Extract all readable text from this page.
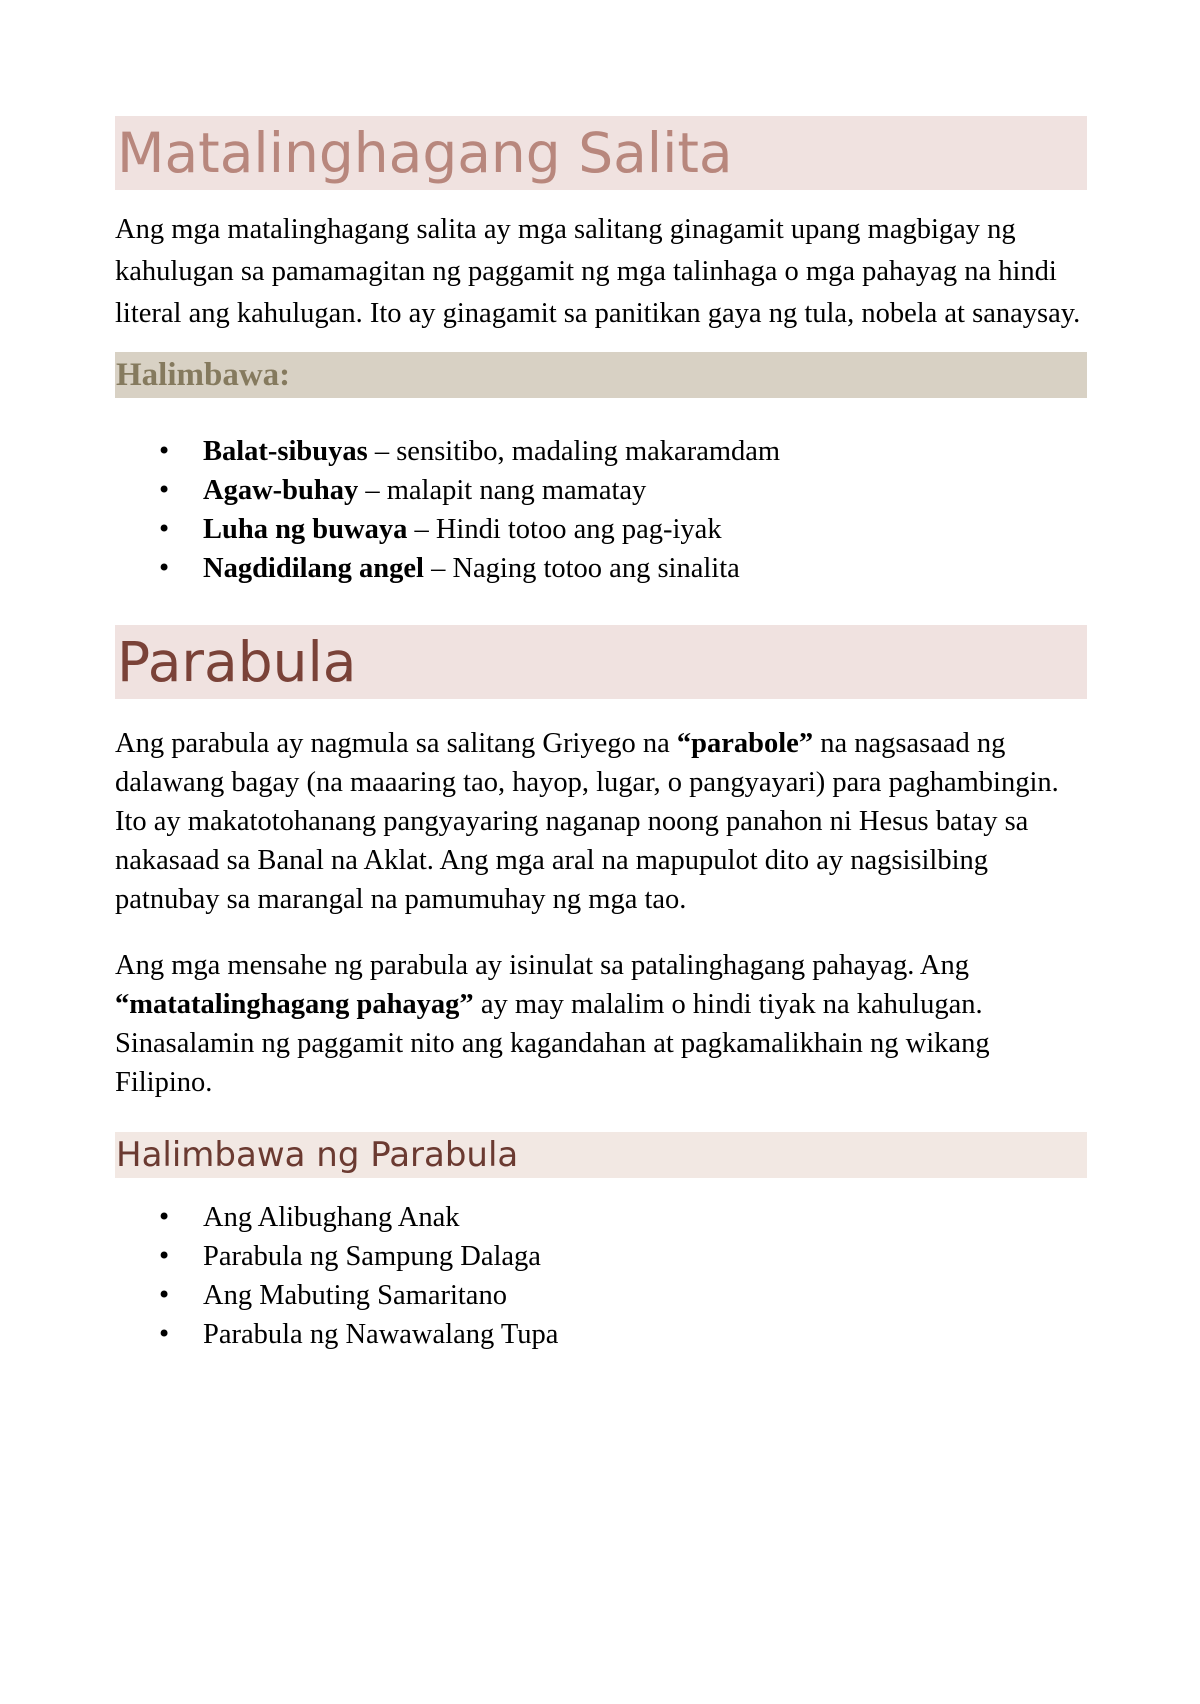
Matalinghagang Salita

Ang mga matalinghagang salita ay mga salitang ginagamit upang magbigay ng kahulugan sa pamamagitan ng paggamit ng mga talinhaga o mga pahayag na hindi literal ang kahulugan. Ito ay ginagamit sa panitikan gaya ng tula, nobela at sanaysay.

Halimbawa:
• Balat-sibuyas – sensitibo, madaling makaramdam
• Agaw-buhay – malapit nang mamatay
• Luha ng buwaya – Hindi totoo ang pag-iyak
• Nagdidilang angel – Naging totoo ang sinalita
Parabula

Ang parabula ay nagmula sa salitang Griyego na “parabole” na nagsasaad ng dalawang bagay (na maaaring tao, hayop, lugar, o pangyayari) para paghambingin. Ito ay makatotohanang pangyayaring naganap noong panahon ni Hesus batay sa nakasaad sa Banal na Aklat. Ang mga aral na mapupulot dito ay nagsisilbing patnubay sa marangal na pamumuhay ng mga tao.

Ang mga mensahe ng parabula ay isinulat sa patalinghagang pahayag. Ang “matatalinghagang pahayag” ay may malalim o hindi tiyak na kahulugan. Sinasalamin ng paggamit nito ang kagandahan at pagkamalikhain ng wikang Filipino.

Halimbawa ng Parabula
• Ang Alibughang Anak
• Parabula ng Sampung Dalaga
• Ang Mabuting Samaritano
• Parabula ng Nawawalang Tupa
